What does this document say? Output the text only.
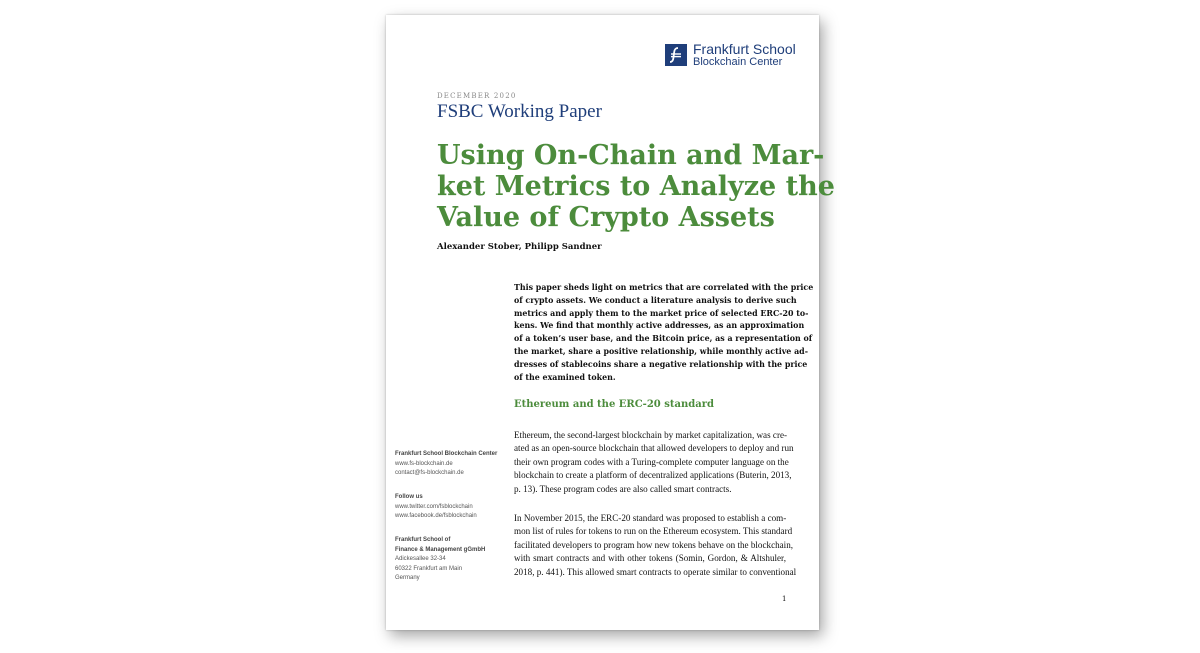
Frankfurt School
Blockchain Center
DECEMBER 2020
FSBC Working Paper
Using On-Chain and Mar-
ket Metrics to Analyze the
Value of Crypto Assets
Alexander Stober, Philipp Sandner
This paper sheds light on metrics that are correlated with the price
of crypto assets. We conduct a literature analysis to derive such
metrics and apply them to the market price of selected ERC-20 to-
kens. We find that monthly active addresses, as an approximation
of a token’s user base, and the Bitcoin price, as a representation of
the market, share a positive relationship, while monthly active ad-
dresses of stablecoins share a negative relationship with the price
of the examined token.
Ethereum and the ERC-20 standard
Ethereum, the second-largest blockchain by market capitalization, was cre-
ated as an open-source blockchain that allowed developers to deploy and run
their own program codes with a Turing-complete computer language on the
blockchain to create a platform of decentralized applications (Buterin, 2013,
p. 13). These program codes are also called smart contracts.
In November 2015, the ERC-20 standard was proposed to establish a com-
mon list of rules for tokens to run on the Ethereum ecosystem. This standard
facilitated developers to program how new tokens behave on the blockchain,
with smart contracts and with other tokens (Somin, Gordon, & Altshuler,
2018, p. 441). This allowed smart contracts to operate similar to conventional
Frankfurt School Blockchain Center
www.fs-blockchain.de
contact@fs-blockchain.de
Follow us
www.twitter.com/fsblockchain
www.facebook.de/fsblockchain
Frankfurt School of
Finance & Management gGmbH
Adickesallee 32-34
60322 Frankfurt am Main
Germany
1
